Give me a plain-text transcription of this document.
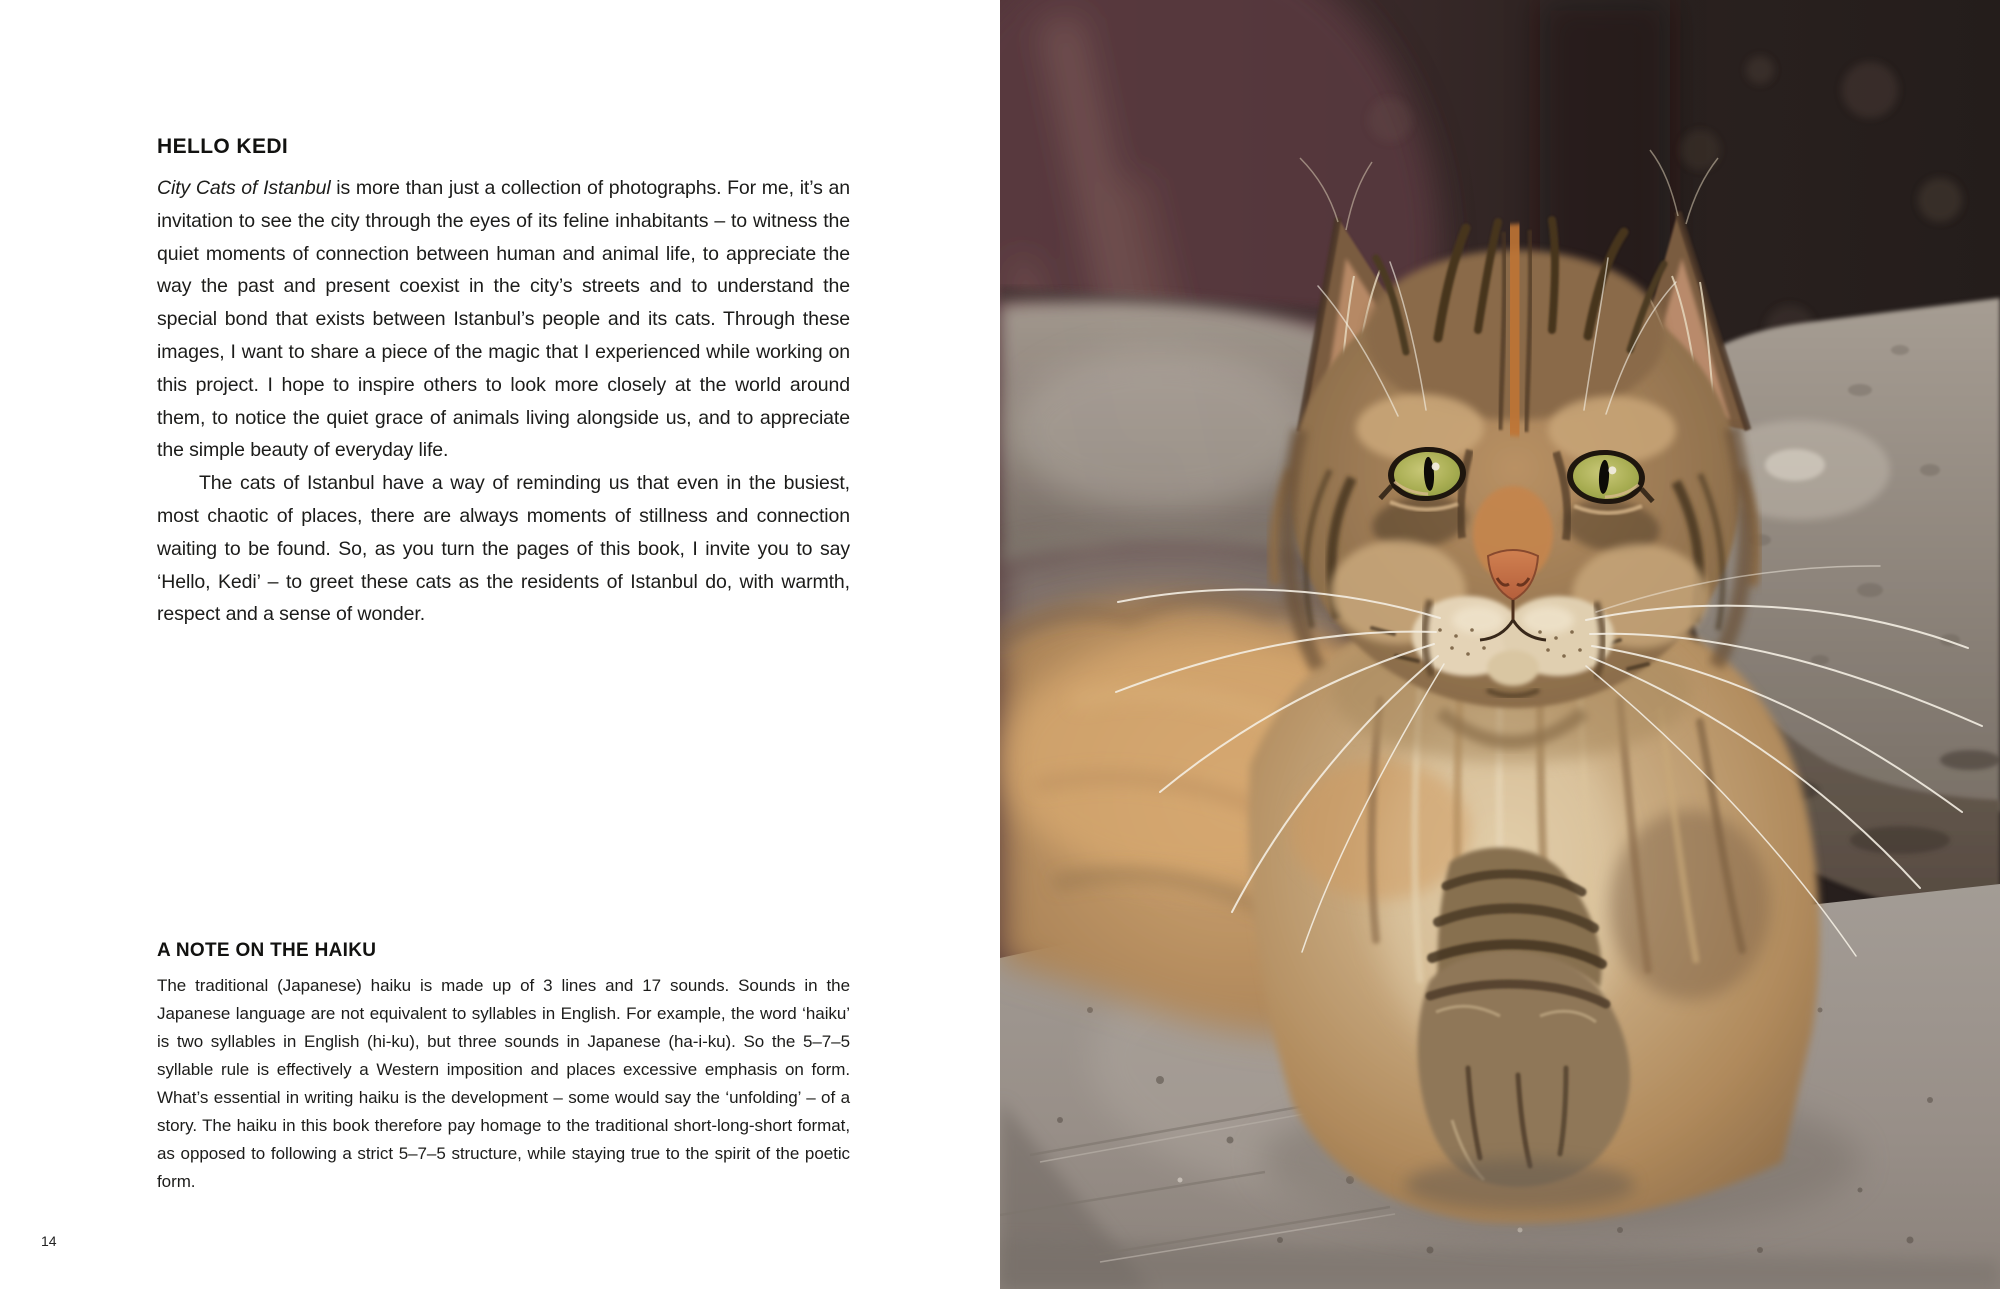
HELLO KEDI

City Cats of Istanbul is more than just a collection of photographs. For me, it’s an invitation to see the city through the eyes of its feline inhabitants – to witness the quiet moments of connection between human and animal life, to appreciate the way the past and present coexist in the city’s streets and to understand the special bond that exists between Istanbul’s people and its cats. Through these images, I want to share a piece of the magic that I experienced while working on this project. I hope to inspire others to look more closely at the world around them, to notice the quiet grace of animals living alongside us, and to appreciate the simple beauty of everyday life.

The cats of Istanbul have a way of reminding us that even in the busiest, most chaotic of places, there are always moments of stillness and connection waiting to be found. So, as you turn the pages of this book, I invite you to say ‘Hello, Kedi’ – to greet these cats as the residents of Istanbul do, with warmth, respect and a sense of wonder.

A NOTE ON THE HAIKU

The traditional (Japanese) haiku is made up of 3 lines and 17 sounds. Sounds in the Japanese language are not equivalent to syllables in English. For example, the word ‘haiku’ is two syllables in English (hi-ku), but three sounds in Japanese (ha-i-ku). So the 5–7–5 syllable rule is effectively a Western imposition and places excessive emphasis on form. What’s essential in writing haiku is the development – some would say the ‘unfolding’ – of a story. The haiku in this book therefore pay homage to the traditional short-long-short format, as opposed to following a strict 5–7–5 structure, while staying true to the spirit of the poetic form.

14
